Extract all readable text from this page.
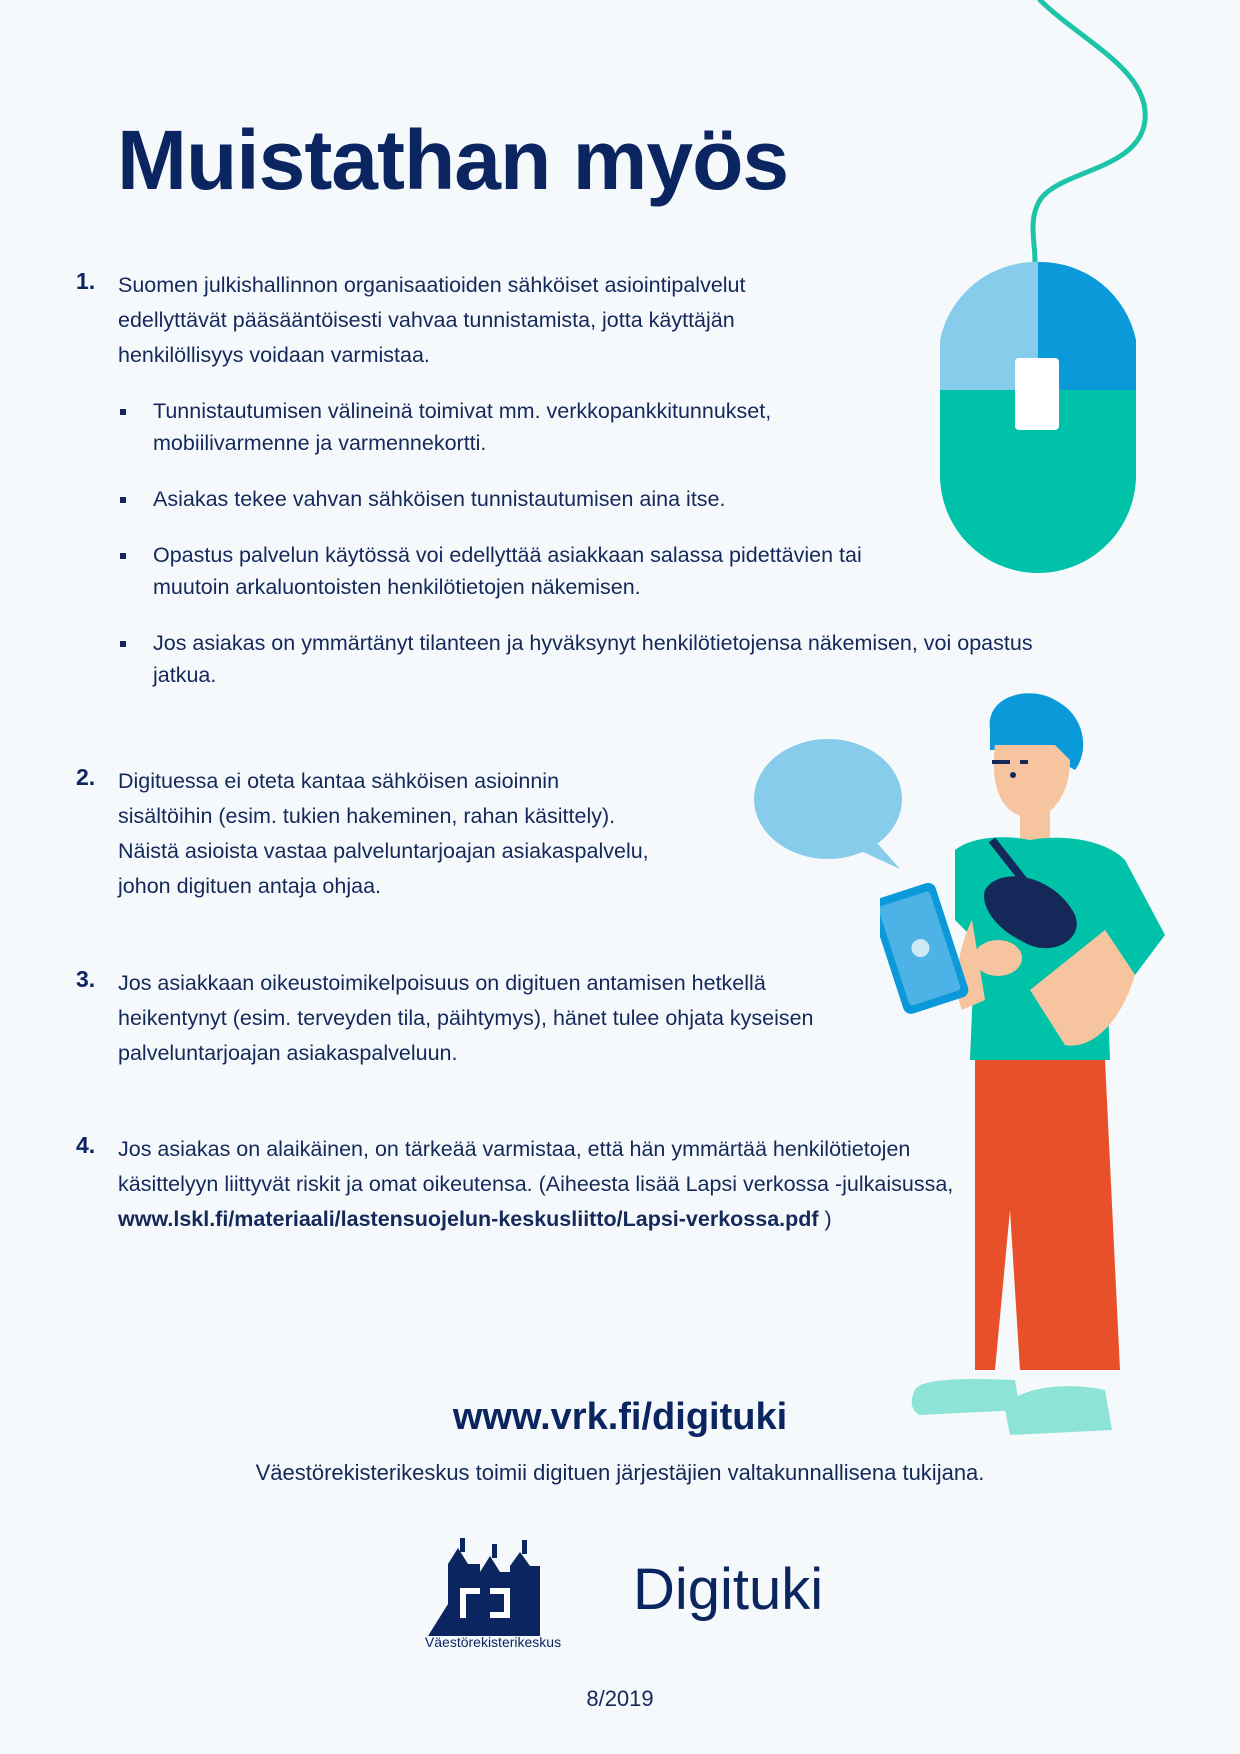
Muistathan myös
1. Suomen julkishallinnon organisaatioiden sähköiset asiointipalvelut edellyttävät pääsääntöisesti vahvaa tunnistamista, jotta käyttäjän henkilöllisyys voidaan varmistaa.
Tunnistautumisen välineinä toimivat mm. verkkopankkitunnukset, mobiilivarmenne ja varmennekortti.
Asiakas tekee vahvan sähköisen tunnistautumisen aina itse.
Opastus palvelun käytössä voi edellyttää asiakkaan salassa pidettävien tai muutoin arkaluontoisten henkilötietojen näkemisen.
Jos asiakas on ymmärtänyt tilanteen ja hyväksynyt henkilötietojensa näkemisen, voi opastus jatkua.
2. Digituessa ei oteta kantaa sähköisen asioinnin sisältöihin (esim. tukien hakeminen, rahan käsittely). Näistä asioista vastaa palveluntarjoajan asiakaspalvelu, johon digituen antaja ohjaa.
3. Jos asiakkaan oikeustoimikelpoisuus on digituen antamisen hetkellä heikentynyt (esim. terveyden tila, päihtymys), hänet tulee ohjata kyseisen palveluntarjoajan asiakaspalveluun.
4. Jos asiakas on alaikäinen, on tärkeää varmistaa, että hän ymmärtää henkilötietojen käsittelyyn liittyvät riskit ja omat oikeutensa. (Aiheesta lisää Lapsi verkossa -julkaisussa,
www.lskl.fi/materiaali/lastensuojelun-keskusliitto/Lapsi-verkossa.pdf )
www.vrk.fi/digituki
Väestörekisterikeskus toimii digituen järjestäjien valtakunnallisena tukijana.
Väestörekisterikeskus
Digituki
8/2019
